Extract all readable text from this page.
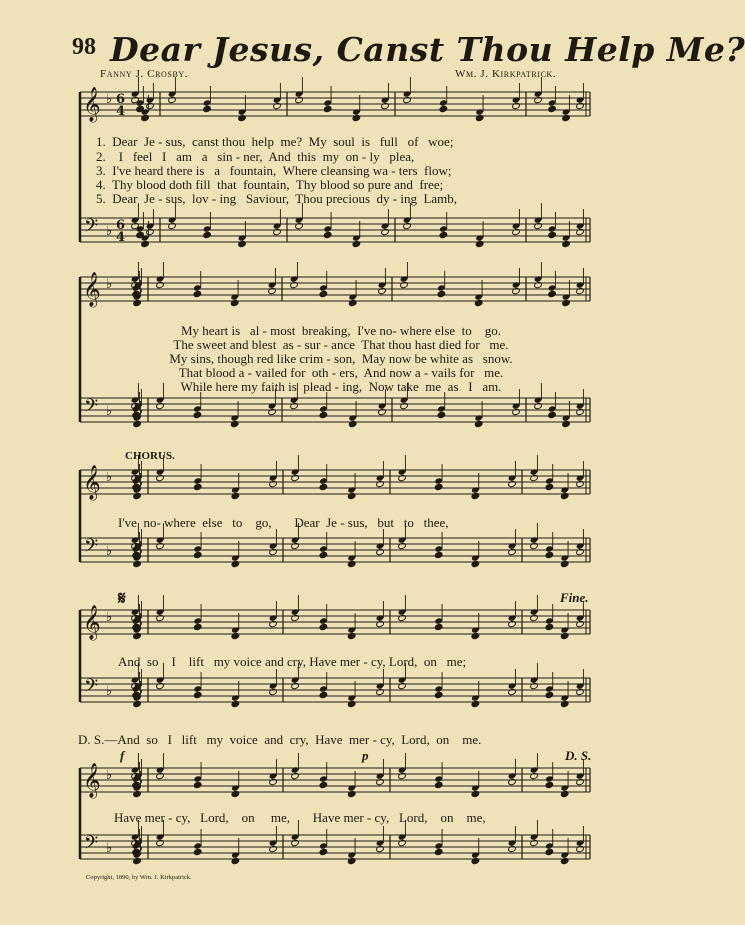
𝄞
𝄢
♭
♭
𝄞
𝄢
♭
♭
𝄞
𝄢
♭
♭
𝄞
𝄢
♭
♭
𝄞
𝄢
♭
♭
6
6
4
4
98 Dear Jesus, Canst Thou Help Me?
Fanny J. Crosby.	Wm. J. Kirkpatrick.
1.  Dear  Je - sus,  canst thou  help  me?  My  soul  is   full   of   woe;
2.    I   feel   I   am   a   sin - ner,  And  this  my  on - ly   plea,
3.  I've heard there is   a   fountain,  Where cleansing wa - ters  flow;
4.  Thy blood doth fill  that  fountain,  Thy blood so pure and  free;
5.  Dear  Je - sus,  lov - ing   Saviour,  Thou precious  dy - ing  Lamb,
My heart is   al - most  breaking,  I've no- where else  to    go.
The sweet and blest  as - sur - ance  That thou hast died for   me.
My sins, though red like crim - son,  May now be white as   snow.
That blood a - vailed for  oth - ers,  And now a - vails for   me.
While here my faith is  plead - ing,  Now take  me  as   I   am.
CHORUS.
I've  no- where  else   to    go,       Dear  Je - sus,   but   to   thee,
𝄋	Fine.
And  so    I    lift   my voice and cry, Have mer - cy, Lord,  on   me;
D. S.—And  so   I   lift   my  voice  and  cry,  Have  mer - cy,  Lord,  on    me.
f	p	D. S.
Have mer - cy,   Lord,    on     me,       Have mer - cy,   Lord,    on    me,
Copyright, 1890, by Wm. J. Kirkpatrick.
